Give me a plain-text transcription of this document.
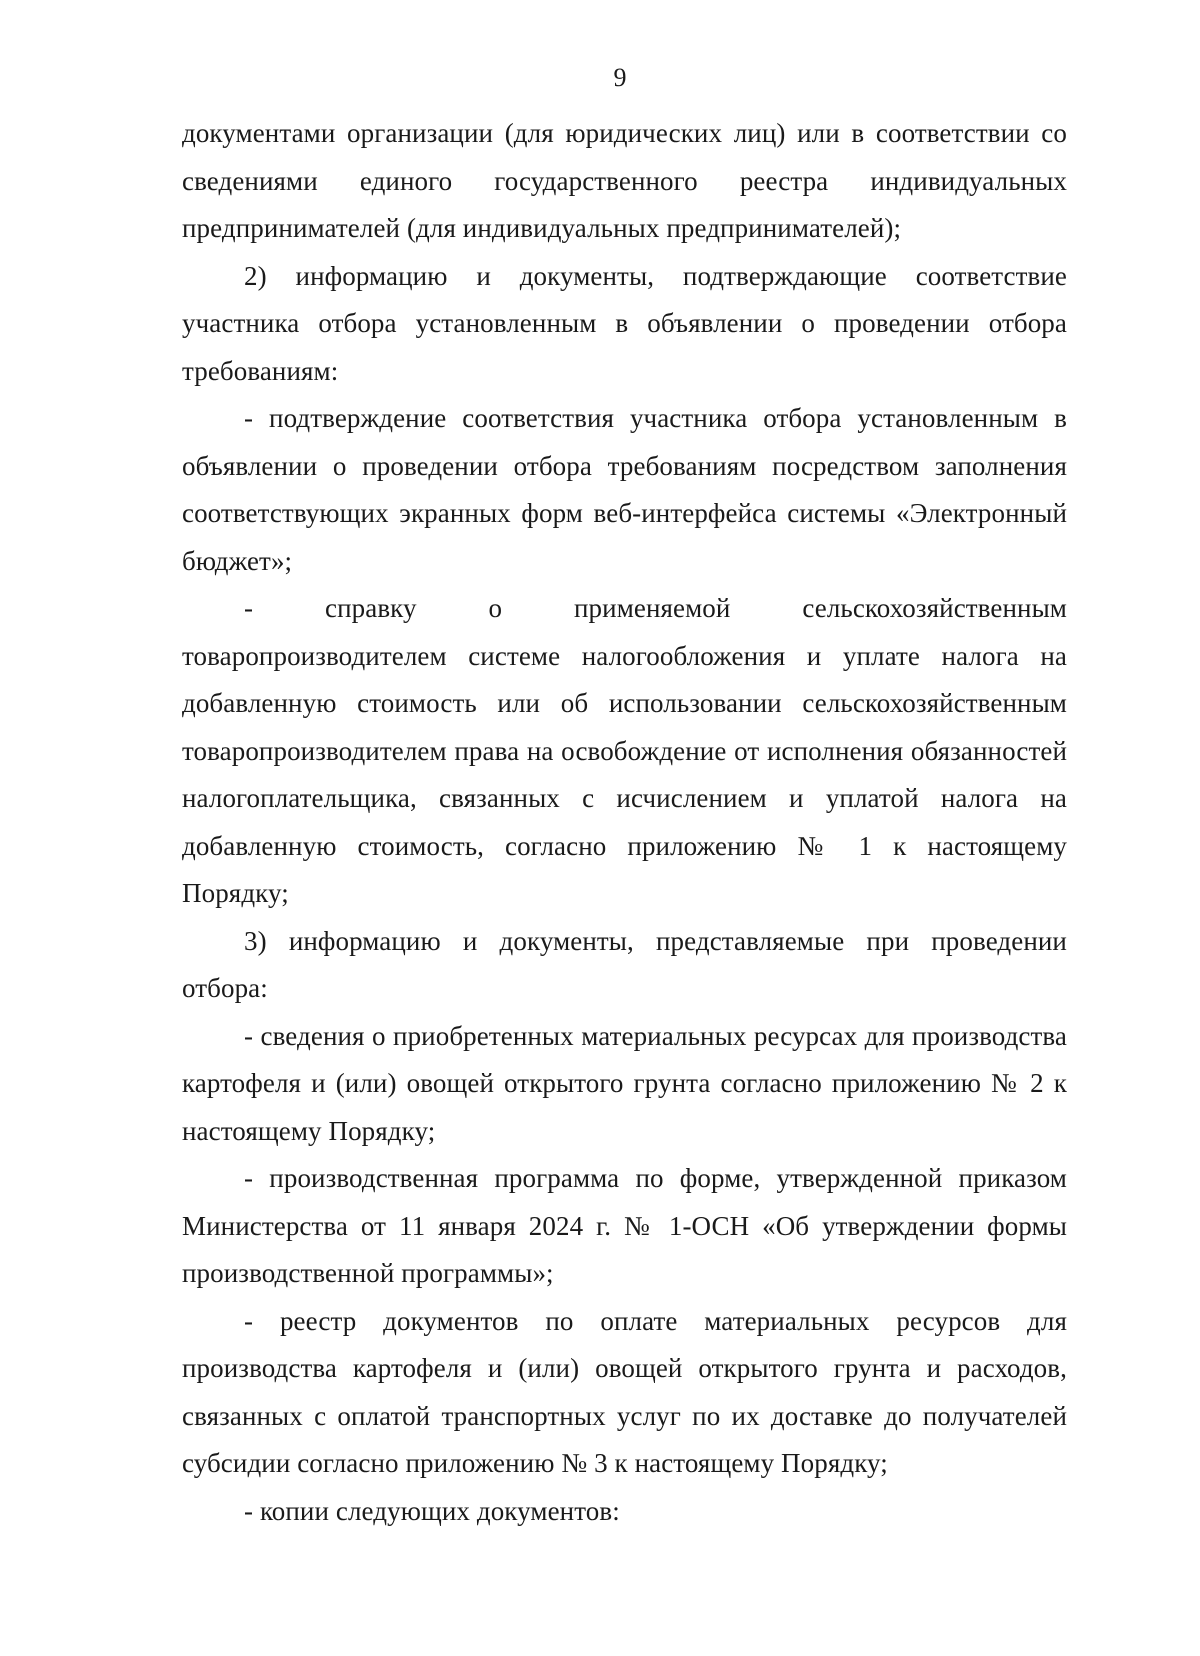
9

документами организации (для юридических лиц) или в соответствии со сведениями единого государственного реестра индивидуальных предпринимателей (для индивидуальных предпринимателей);

2) информацию и документы, подтверждающие соответствие участника отбора установленным в объявлении о проведении отбора требованиям:

- подтверждение соответствия участника отбора установленным в объявлении о проведении отбора требованиям посредством заполнения соответствующих экранных форм веб-интерфейса системы «Электронный бюджет»;

- справку о применяемой сельскохозяйственным товаропроизводителем системе налогообложения и уплате налога на добавленную стоимость или об использовании сельскохозяйственным товаропроизводителем права на освобождение от исполнения обязанностей налогоплательщика, связанных с исчислением и уплатой налога на добавленную стоимость, согласно приложению № 1 к настоящему Порядку;

3) информацию и документы, представляемые при проведении отбора:

- сведения о приобретенных материальных ресурсах для производства картофеля и (или) овощей открытого грунта согласно приложению № 2 к настоящему Порядку;

- производственная программа по форме, утвержденной приказом Министерства от 11 января 2024 г. № 1-ОСН «Об утверждении формы производственной программы»;

- реестр документов по оплате материальных ресурсов для производства картофеля и (или) овощей открытого грунта и расходов, связанных с оплатой транспортных услуг по их доставке до получателей субсидии согласно приложению № 3 к настоящему Порядку;

- копии следующих документов:
